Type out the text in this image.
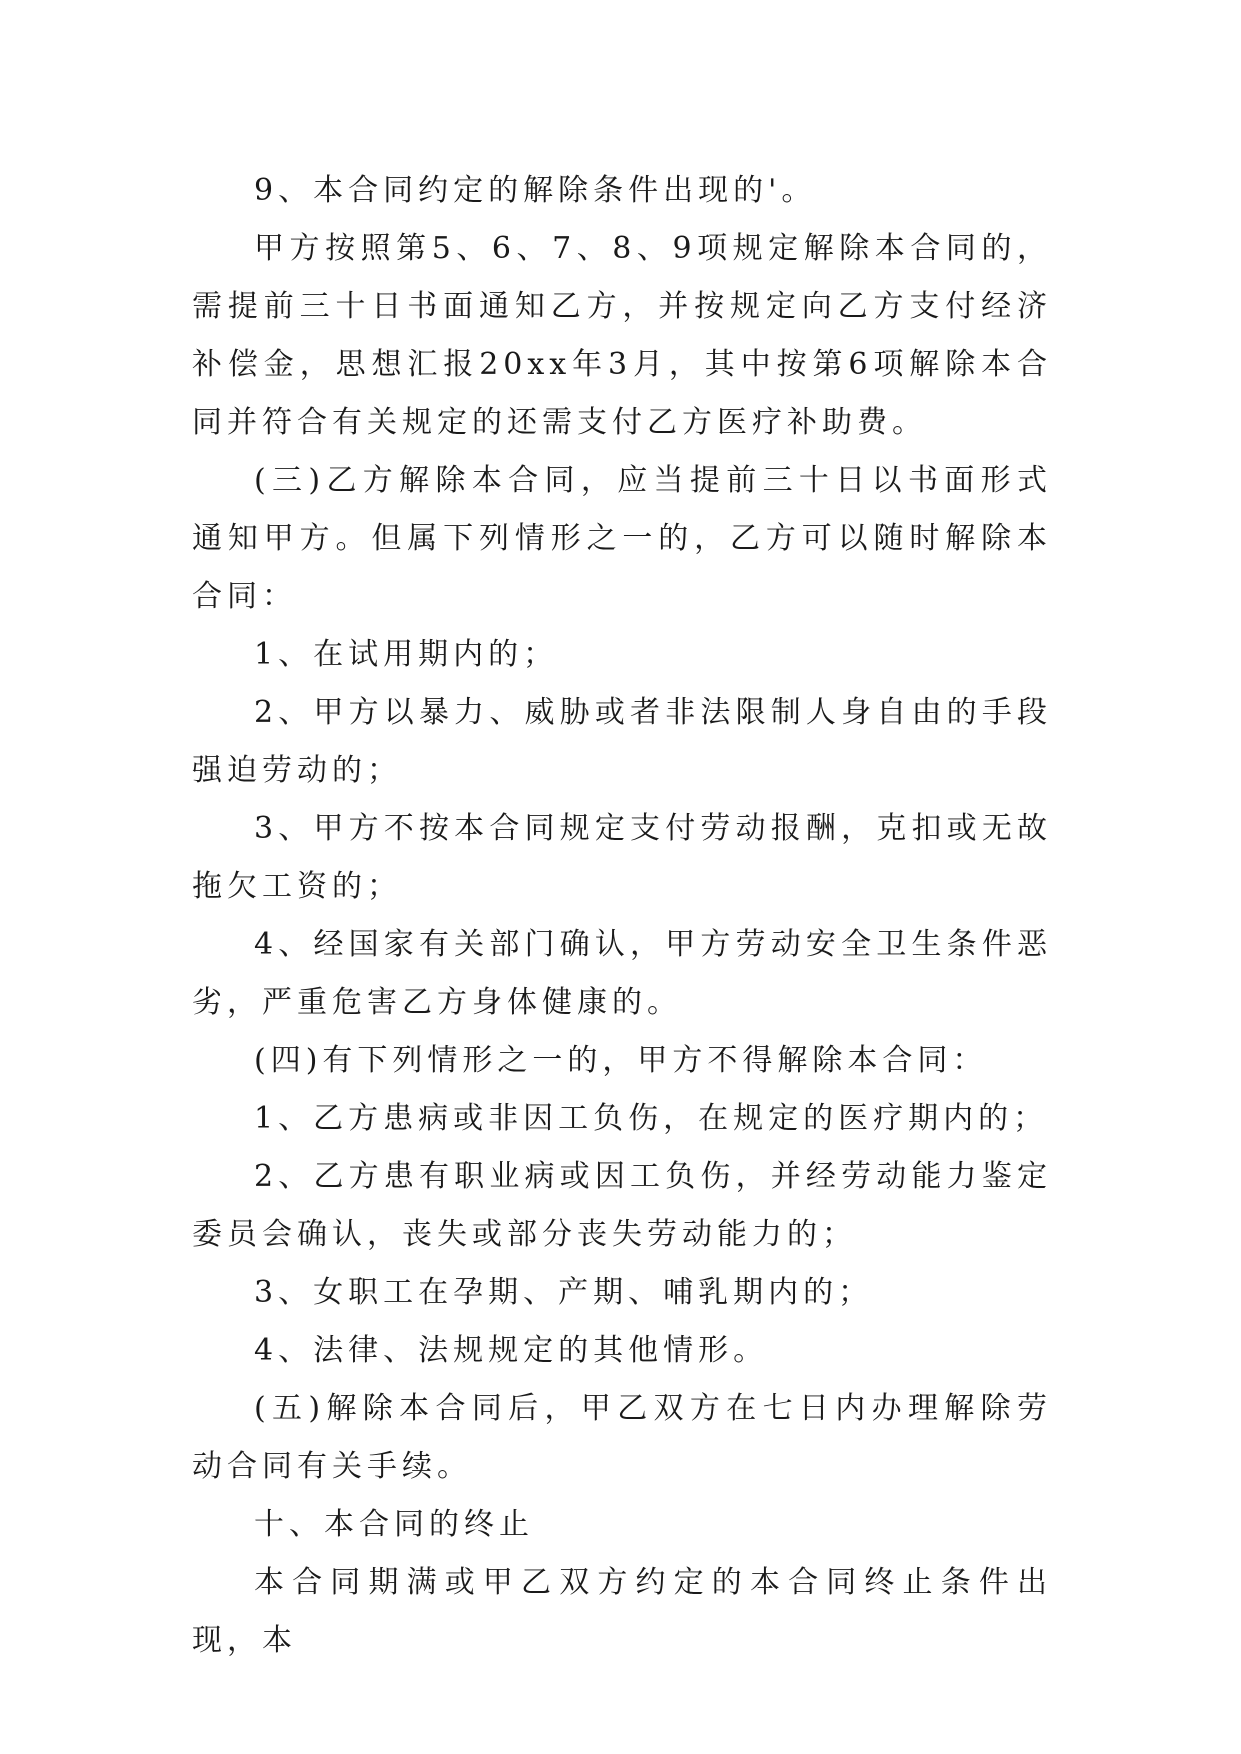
9、本合同约定的解除条件出现的'。

甲方按照第5、6、7、8、9项规定解除本合同的，需提前三十日书面通知乙方，并按规定向乙方支付经济补偿金，思想汇报20xx年3月，其中按第6项解除本合同并符合有关规定的还需支付乙方医疗补助费。

(三)乙方解除本合同，应当提前三十日以书面形式通知甲方。但属下列情形之一的，乙方可以随时解除本合同：

1、在试用期内的；

2、甲方以暴力、威胁或者非法限制人身自由的手段强迫劳动的；

3、甲方不按本合同规定支付劳动报酬，克扣或无故拖欠工资的；

4、经国家有关部门确认，甲方劳动安全卫生条件恶劣，严重危害乙方身体健康的。

(四)有下列情形之一的，甲方不得解除本合同：

1、乙方患病或非因工负伤，在规定的医疗期内的；

2、乙方患有职业病或因工负伤，并经劳动能力鉴定委员会确认，丧失或部分丧失劳动能力的；

3、女职工在孕期、产期、哺乳期内的；

4、法律、法规规定的其他情形。

(五)解除本合同后，甲乙双方在七日内办理解除劳动合同有关手续。

十、本合同的终止

本合同期满或甲乙双方约定的本合同终止条件出现，本
